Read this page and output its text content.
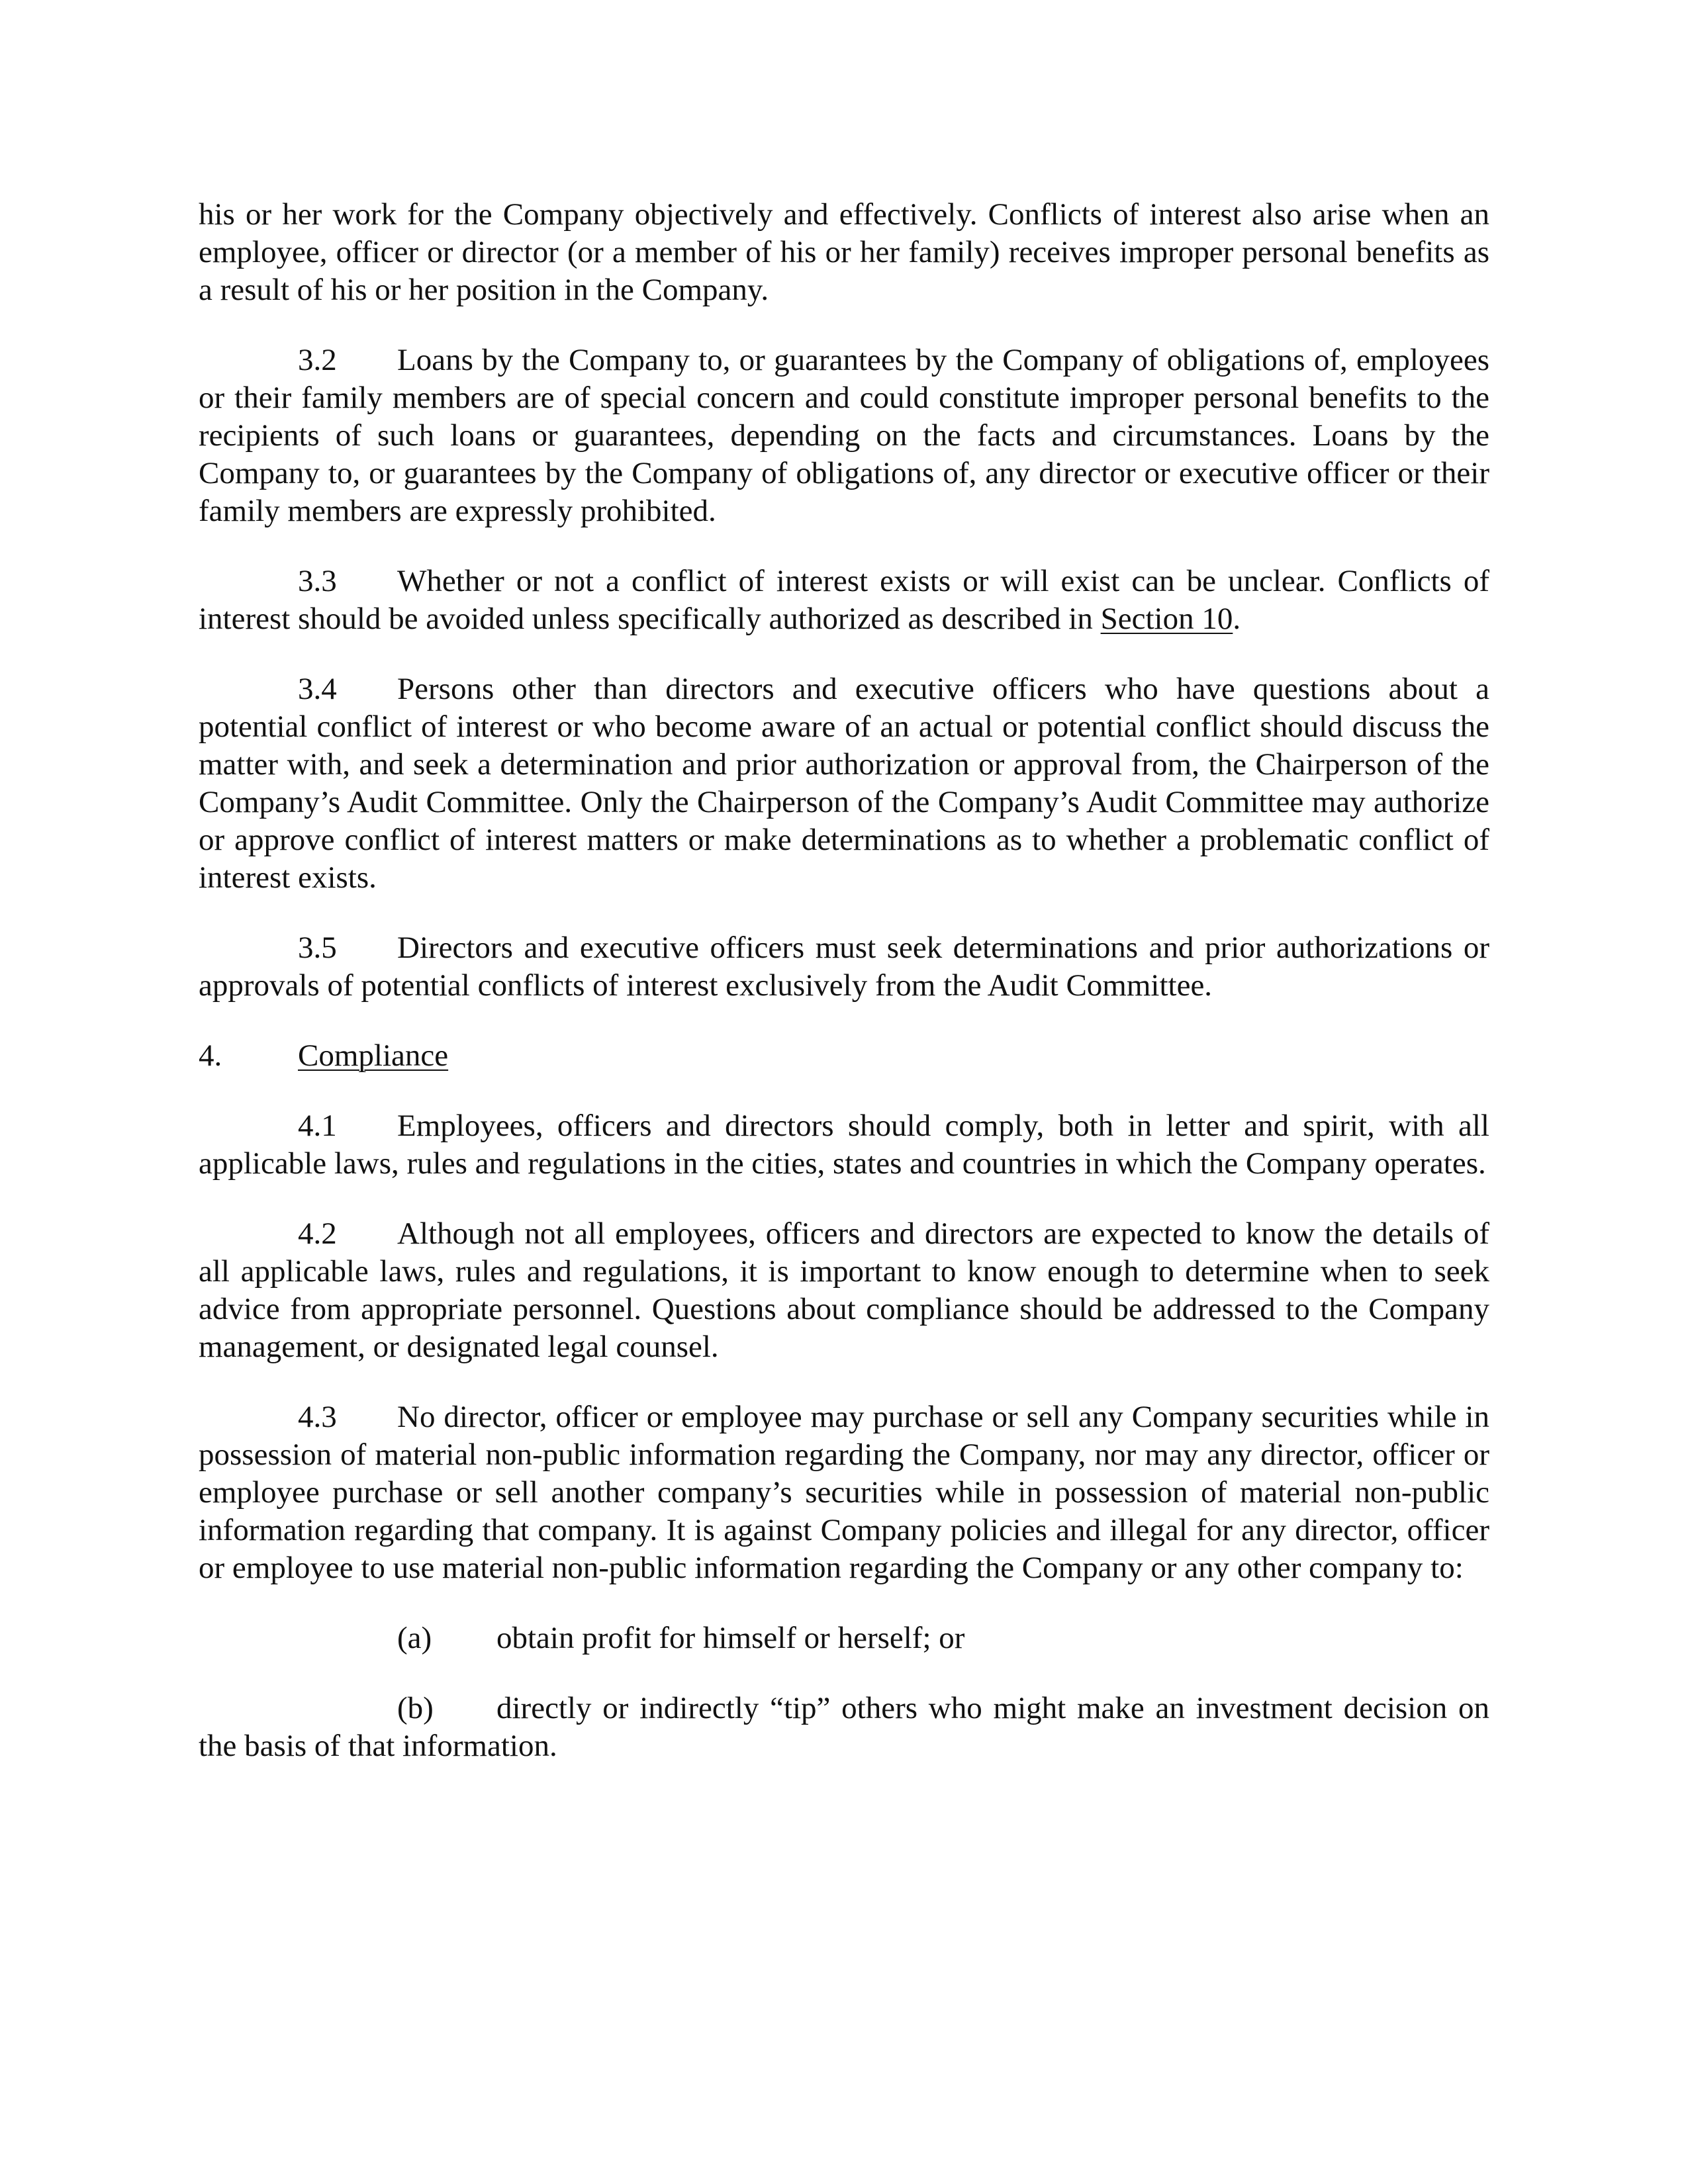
his or her work for the Company objectively and effectively. Conflicts of interest also arise when an employee, officer or director (or a member of his or her family) receives improper personal benefits as a result of his or her position in the Company.

3.2 Loans by the Company to, or guarantees by the Company of obligations of, employees or their family members are of special concern and could constitute improper personal benefits to the recipients of such loans or guarantees, depending on the facts and circumstances. Loans by the Company to, or guarantees by the Company of obligations of, any director or executive officer or their family members are expressly prohibited.

3.3 Whether or not a conflict of interest exists or will exist can be unclear. Conflicts of interest should be avoided unless specifically authorized as described in Section 10.

3.4 Persons other than directors and executive officers who have questions about a potential conflict of interest or who become aware of an actual or potential conflict should discuss the matter with, and seek a determination and prior authorization or approval from, the Chairperson of the Company’s Audit Committee. Only the Chairperson of the Company’s Audit Committee may authorize or approve conflict of interest matters or make determinations as to whether a problematic conflict of interest exists.

3.5 Directors and executive officers must seek determinations and prior authorizations or approvals of potential conflicts of interest exclusively from the Audit Committee.

4. Compliance

4.1 Employees, officers and directors should comply, both in letter and spirit, with all applicable laws, rules and regulations in the cities, states and countries in which the Company operates.

4.2 Although not all employees, officers and directors are expected to know the details of all applicable laws, rules and regulations, it is important to know enough to determine when to seek advice from appropriate personnel. Questions about compliance should be addressed to the Company management, or designated legal counsel.

4.3 No director, officer or employee may purchase or sell any Company securities while in possession of material non-public information regarding the Company, nor may any director, officer or employee purchase or sell another company’s securities while in possession of material non-public information regarding that company. It is against Company policies and illegal for any director, officer or employee to use material non-public information regarding the Company or any other company to:

(a) obtain profit for himself or herself; or

(b) directly or indirectly “tip” others who might make an investment decision on the basis of that information.
